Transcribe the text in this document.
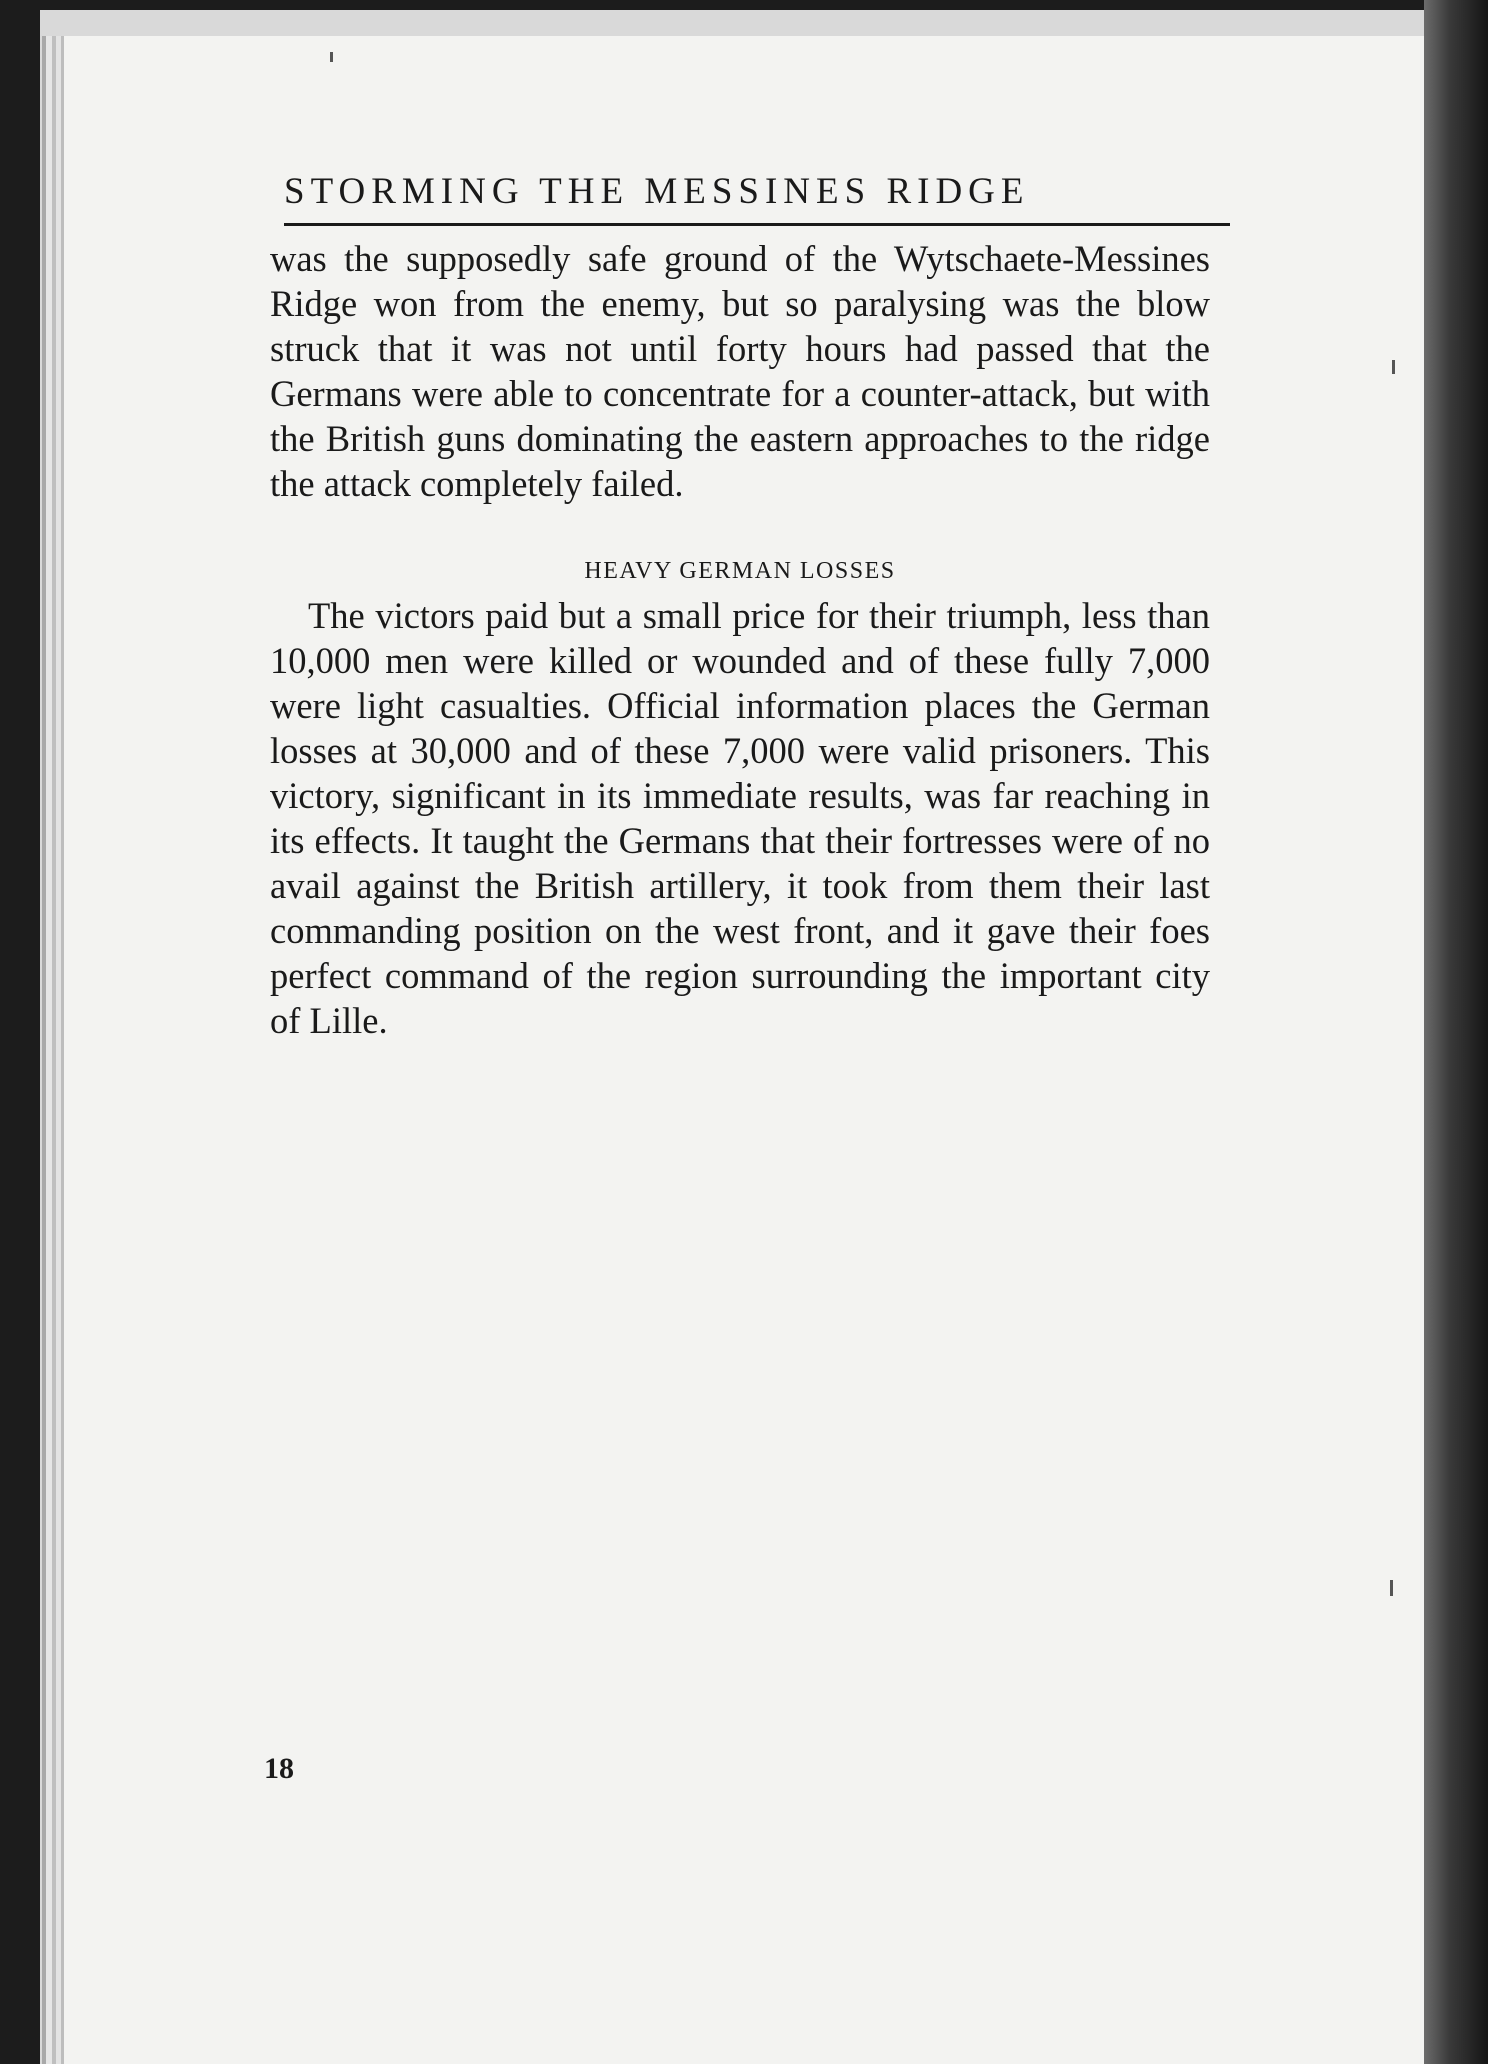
STORMING THE MESSINES RIDGE

was the supposedly safe ground of the Wytschaete-Messines Ridge won from the enemy, but so paralysing was the blow struck that it was not until forty hours had passed that the Germans were able to concentrate for a counter-attack, but with the British guns dominating the eastern approaches to the ridge the attack completely failed.

HEAVY GERMAN LOSSES

The victors paid but a small price for their triumph, less than 10,000 men were killed or wounded and of these fully 7,000 were light casualties. Official information places the German losses at 30,000 and of these 7,000 were valid prisoners. This victory, significant in its immediate results, was far reaching in its effects. It taught the Germans that their fortresses were of no avail against the British artillery, it took from them their last commanding position on the west front, and it gave their foes perfect command of the region surrounding the important city of Lille.

18
